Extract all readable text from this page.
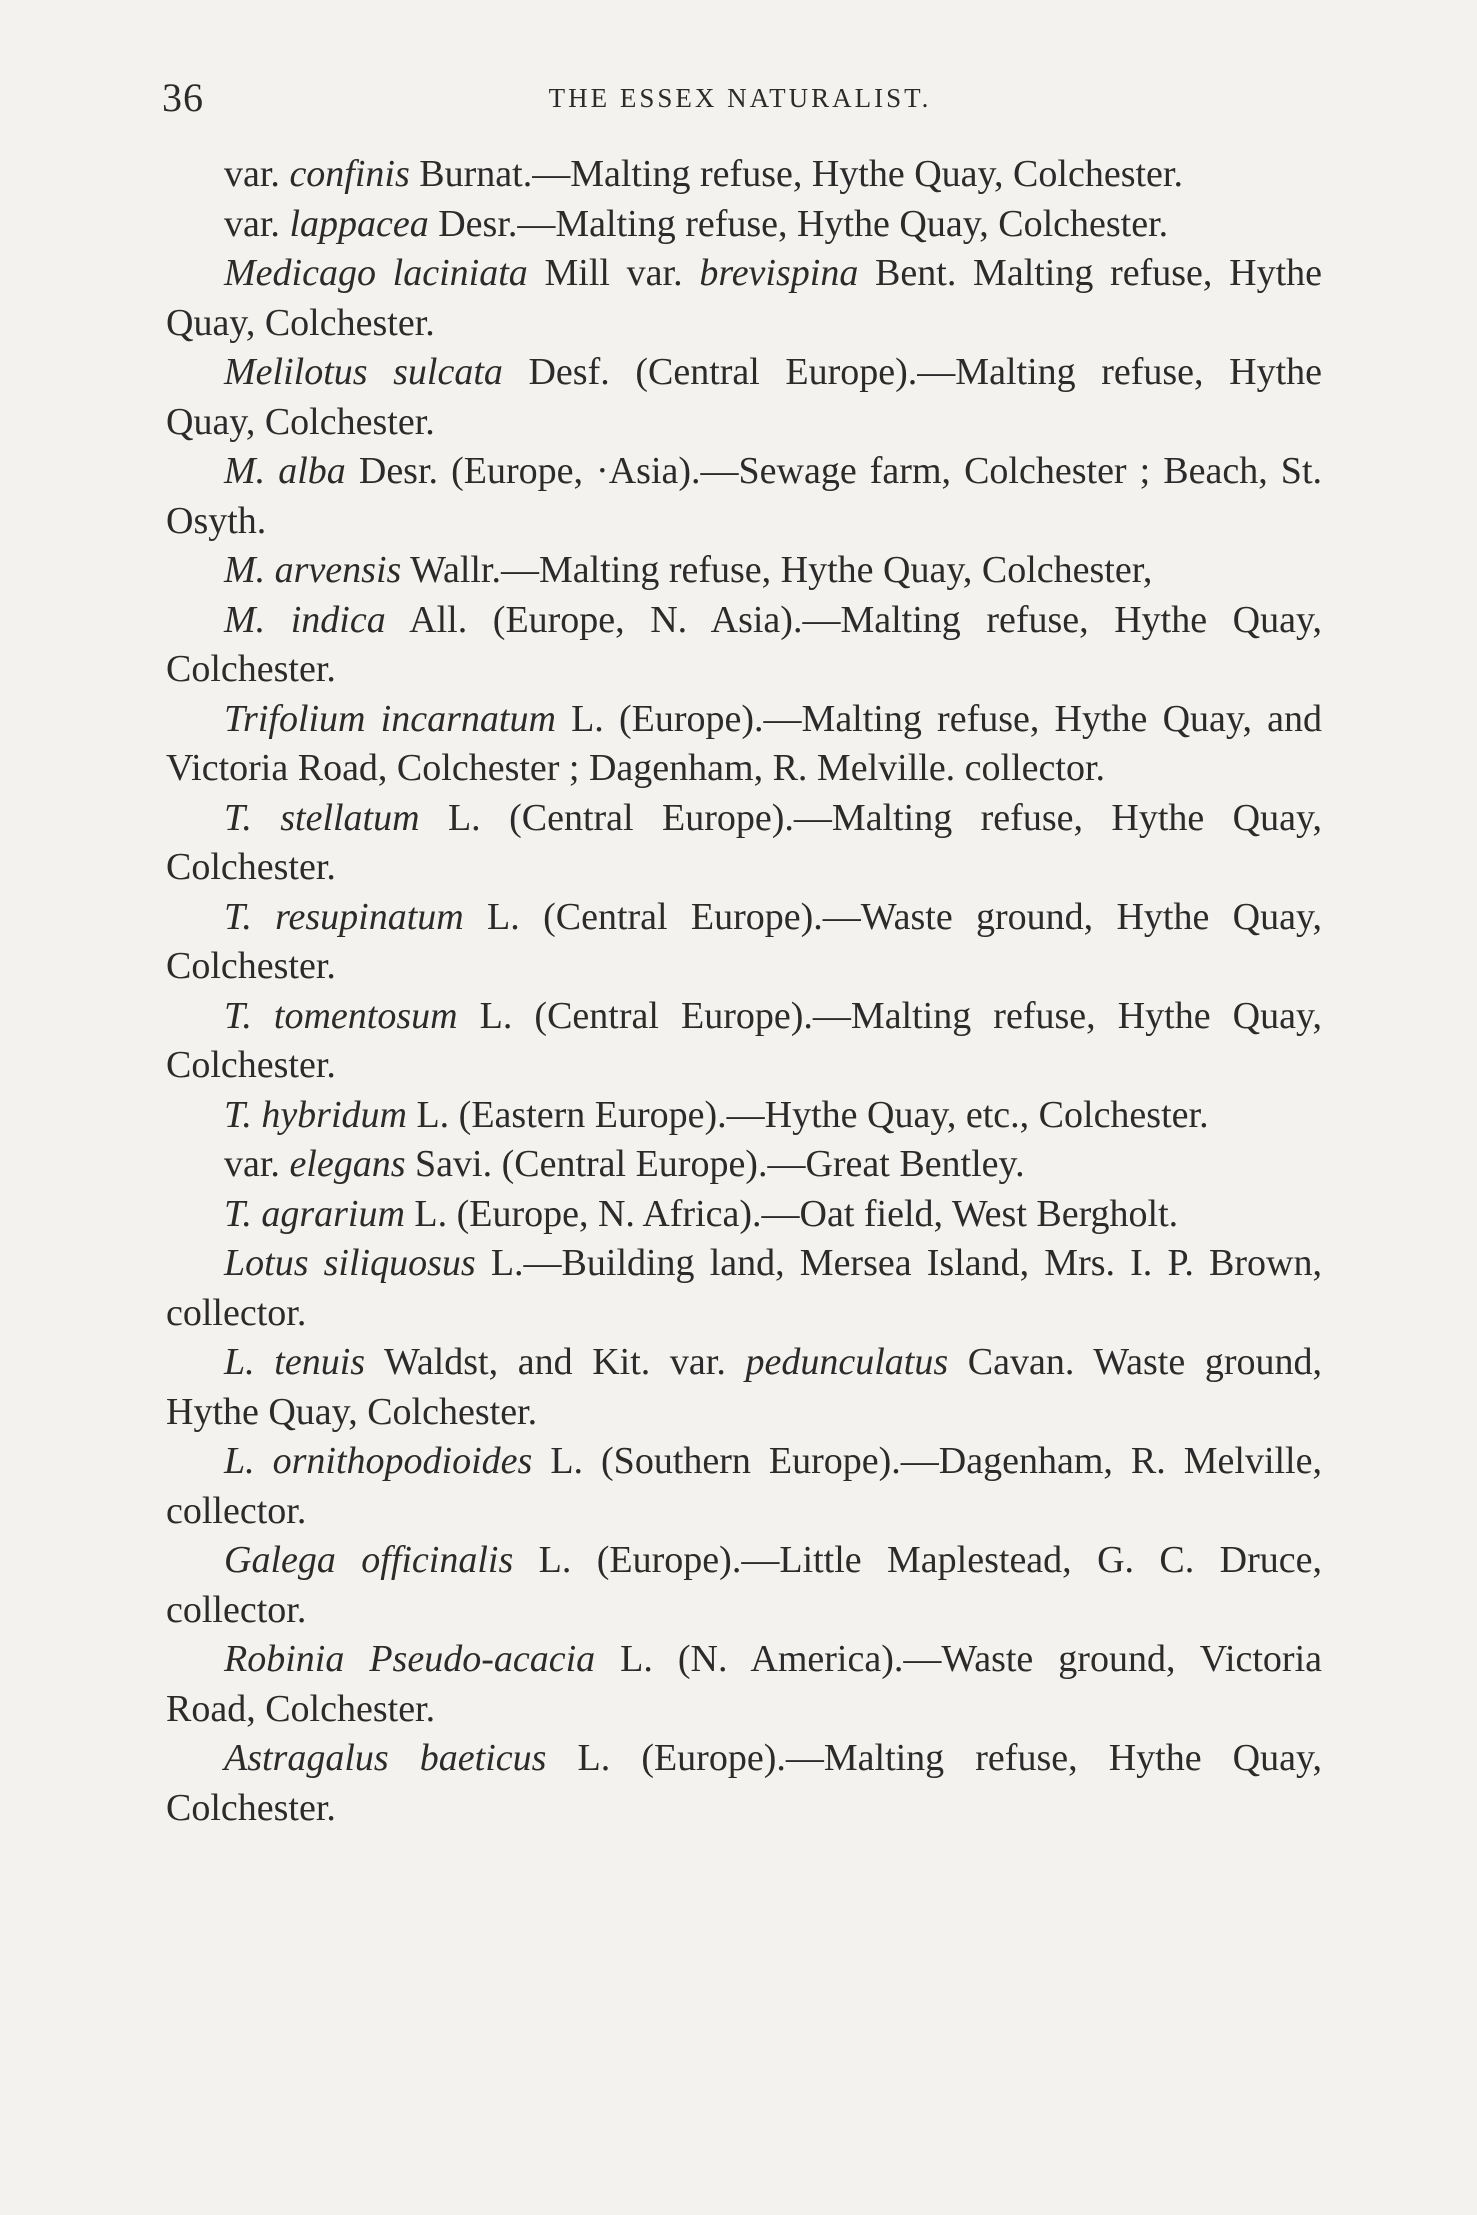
36	THE ESSEX NATURALIST.

var. confinis Burnat.—Malting refuse, Hythe Quay, Colchester.

var. lappacea Desr.—Malting refuse, Hythe Quay, Colchester.

Medicago laciniata Mill var. brevispina Bent. Malting refuse, Hythe Quay, Colchester.

Melilotus sulcata Desf. (Central Europe).—Malting refuse, Hythe Quay, Colchester.

M. alba Desr. (Europe, ·Asia).—Sewage farm, Colchester ; Beach, St. Osyth.

M. arvensis Wallr.—Malting refuse, Hythe Quay, Colchester,

M. indica All. (Europe, N. Asia).—Malting refuse, Hythe Quay, Colchester.

Trifolium incarnatum L. (Europe).—Malting refuse, Hythe Quay, and Victoria Road, Colchester ; Dagenham, R. Melville. collector.

T. stellatum L. (Central Europe).—Malting refuse, Hythe Quay, Colchester.

T. resupinatum L. (Central Europe).—Waste ground, Hythe Quay, Colchester.

T. tomentosum L. (Central Europe).—Malting refuse, Hythe Quay, Colchester.

T. hybridum L. (Eastern Europe).—Hythe Quay, etc., Colchester.

var. elegans Savi. (Central Europe).—Great Bentley.

T. agrarium L. (Europe, N. Africa).—Oat field, West Bergholt.

Lotus siliquosus L.—Building land, Mersea Island, Mrs. I. P. Brown, collector.

L. tenuis Waldst, and Kit. var. pedunculatus Cavan. Waste ground, Hythe Quay, Colchester.

L. ornithopodioides L. (Southern Europe).—Dagenham, R. Melville, collector.

Galega officinalis L. (Europe).—Little Maplestead, G. C. Druce, collector.

Robinia Pseudo-acacia L. (N. America).—Waste ground, Victoria Road, Colchester.

Astragalus baeticus L. (Europe).—Malting refuse, Hythe Quay, Colchester.
